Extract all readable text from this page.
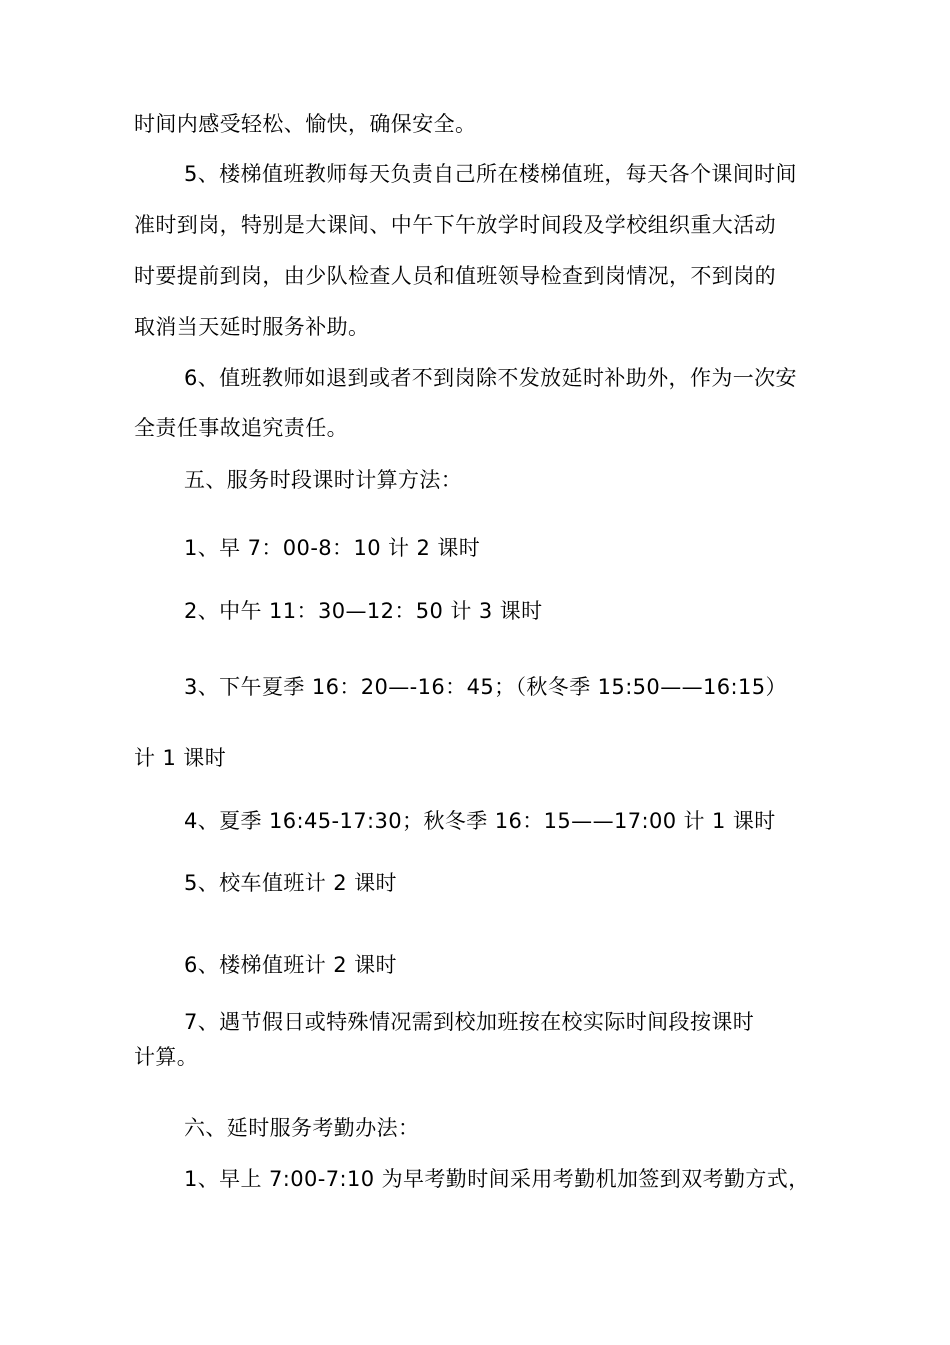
时间内感受轻松、愉快，确保安全。
5、楼梯值班教师每天负责自己所在楼梯值班，每天各个课间时间
准时到岗，特别是大课间、中午下午放学时间段及学校组织重大活动
时要提前到岗，由少队检查人员和值班领导检查到岗情况，不到岗的
取消当天延时服务补助。
6、值班教师如退到或者不到岗除不发放延时补助外，作为一次安
全责任事故追究责任。
五、服务时段课时计算方法：
1、早 7：00-8：10 计 2 课时
2、中午 11：30—12：50 计 3 课时
3、下午夏季 16：20—-16：45；（秋冬季 15:50——16:15）
计 1 课时
4、夏季 16:45-17:30；秋冬季 16：15——17:00 计 1 课时
5、校车值班计 2 课时
6、楼梯值班计 2 课时
7、遇节假日或特殊情况需到校加班按在校实际时间段按课时
计算。
六、延时服务考勤办法：
1、早上 7:00-7:10 为早考勤时间采用考勤机加签到双考勤方式，
